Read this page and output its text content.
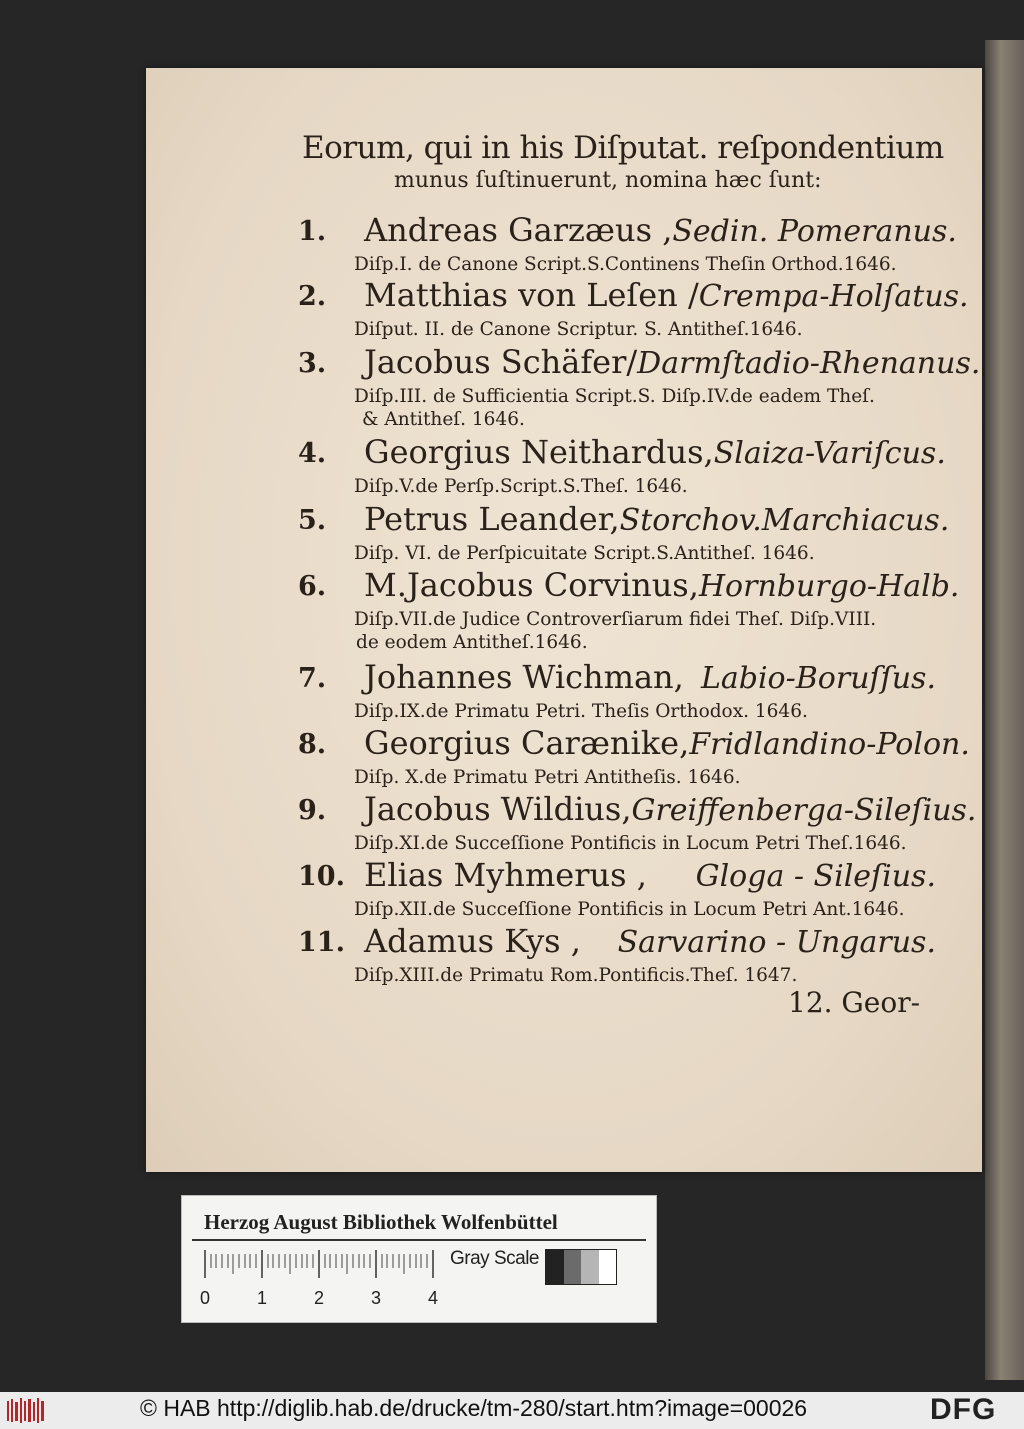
Eorum, qui in his Diſputat. reſpondentium
munus ſuſtinuerunt, nomina hæc ſunt:
1.	Andreas Garzæus , Sedin. Pomeranus.
Diſp.I. de Canone Script.S.Continens Theſin Orthod.1646.
2.	Matthias von Leſen / Crempa-Holſatus.
Diſput. II. de Canone Scriptur. S. Antitheſ.1646.
3.	Jacobus Schäfer/ Darmſtadio-Rhenanus.
Diſp.III. de Sufficientia Script.S. Diſp.IV.de eadem Theſ.
& Antitheſ. 1646.
4.	Georgius Neithardus, Slaiza-Variſcus.
Diſp.V.de Perſp.Script.S.Theſ. 1646.
5.	Petrus Leander, Storchov.Marchiacus.
Diſp. VI. de Perſpicuitate Script.S.Antitheſ. 1646.
6.	M.Jacobus Corvinus, Hornburgo-Halb.
Diſp.VII.de Judice Controverſiarum fidei Theſ. Diſp.VIII.
de eodem Antitheſ.1646.
7.	Johannes Wichman, Labio-Boruſſus.
Diſp.IX.de Primatu Petri. Theſis Orthodox. 1646.
8.	Georgius Carænike, Fridlandino-Polon.
Diſp. X.de Primatu Petri Antitheſis. 1646.
9.	Jacobus Wildius, Greiffenberga-Sileſius.
Diſp.XI.de Succeſſione Pontificis in Locum Petri Theſ.1646.
10. Elias Myhmerus , Gloga - Sileſius.
Diſp.XII.de Succeſſione Pontificis in Locum Petri Ant.1646.
11. Adamus Kys , Sarvarino - Ungarus.
Diſp.XIII.de Primatu Rom.Pontificis.Theſ. 1647.
12. Geor-
Herzog August Bibliothek Wolfenbüttel
0	1	2	3	4
Gray Scale
© HAB http://diglib.hab.de/drucke/tm-280/start.htm?image=00026	DFG
